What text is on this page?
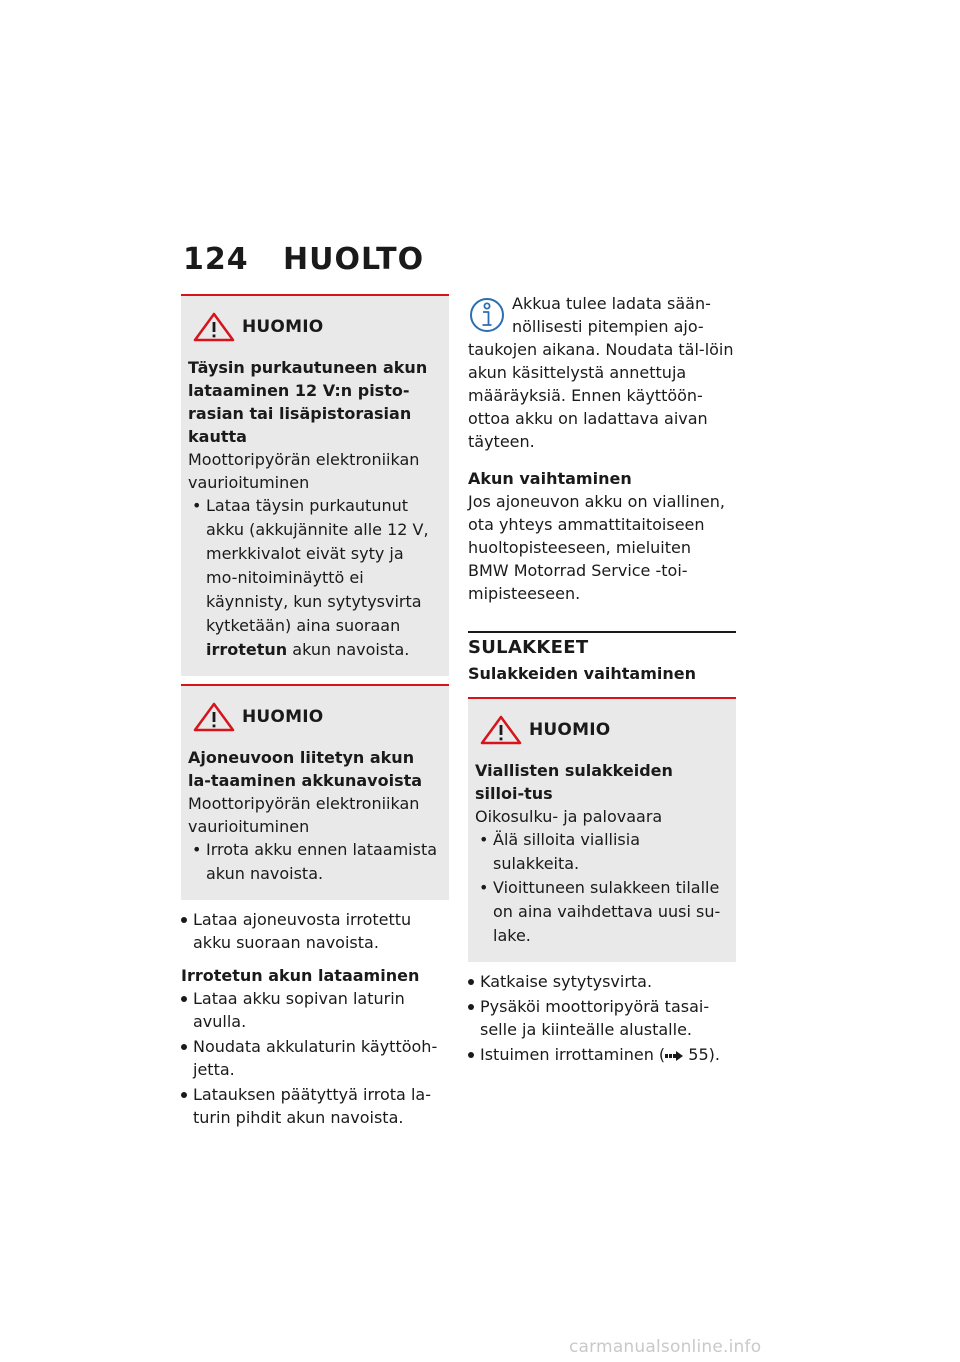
124 HUOLTO
HUOMIO
Täysin purkautuneen akun lataaminen 12 V:n pisto-rasian tai lisäpistorasian kautta
Moottoripyörän elektroniikan vaurioituminen
• Lataa täysin purkautunut akku (akkujännite alle 12 V, merkkivalot eivät syty ja mo-nitoiminäyttö ei käynnisty, kun sytytysvirta kytketään) aina suoraan irrotetun akun navoista.
HUOMIO
Ajoneuvoon liitetyn akun la-taaminen akkunavoista
Moottoripyörän elektroniikan vaurioituminen
• Irrota akku ennen lataamista akun navoista.
Lataa ajoneuvosta irrotettu akku suoraan navoista.
Irrotetun akun lataaminen
Lataa akku sopivan laturin avulla.
Noudata akkulaturin käyttöoh-jetta.
Latauksen päätyttyä irrota la-turin pihdit akun navoista.
Akkua tulee ladata sään-nöllisesti pitempien ajo-taukojen aikana. Noudata täl-löin akun käsittelystä annettuja määräyksiä. Ennen käyttöön-ottoa akku on ladattava aivan täyteen.
Akun vaihtaminen
Jos ajoneuvon akku on viallinen, ota yhteys ammattitaitoiseen huoltopisteeseen, mieluiten BMW Motorrad Service -toi-mipisteeseen.
SULAKKEET
Sulakkeiden vaihtaminen
HUOMIO
Viallisten sulakkeiden silloi-tus
Oikosulku- ja palovaara
• Älä silloita viallisia sulakkeita.
• Vioittuneen sulakkeen tilalle on aina vaihdettava uusi su-lake.
Katkaise sytytysvirta.
Pysäköi moottoripyörä tasai-selle ja kiinteälle alustalle.
Istuimen irrottaminen ( 55).
carmanualsonline.info
